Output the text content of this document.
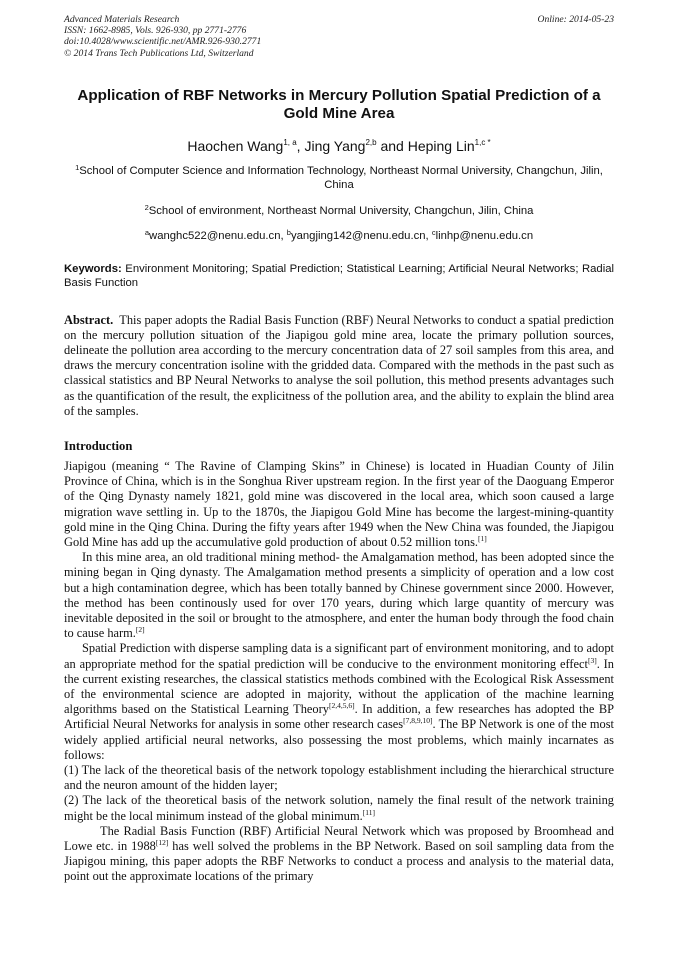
Advanced Materials Research
ISSN: 1662-8985, Vols. 926-930, pp 2771-2776
doi:10.4028/www.scientific.net/AMR.926-930.2771
© 2014 Trans Tech Publications Ltd, Switzerland
Online: 2014-05-23
Application of RBF Networks in Mercury Pollution Spatial Prediction of a Gold Mine Area
Haochen Wang$^{1, a}$, Jing Yang$^{2,b}$ and Heping Lin$^{1,c *}$
$^1$School of Computer Science and Information Technology, Northeast Normal University, Changchun, Jilin, China
$^2$School of environment, Northeast Normal University, Changchun, Jilin, China
$^a$wanghc522@nenu.edu.cn, $^b$yangjing142@nenu.edu.cn, $^c$linhp@nenu.edu.cn
Keywords: Environment Monitoring; Spatial Prediction; Statistical Learning; Artificial Neural Networks; Radial Basis Function
Abstract. This paper adopts the Radial Basis Function (RBF) Neural Networks to conduct a spatial prediction on the mercury pollution situation of the Jiapigou gold mine area, locate the primary pollution sources, delineate the pollution area according to the mercury concentration data of 27 soil samples from this area, and draws the mercury concentration isoline with the gridded data. Compared with the methods in the past such as classical statistics and BP Neural Networks to analyse the soil pollution, this method presents advantages such as the quantification of the result, the explicitness of the pollution area, and the ability to explain the blind area of the samples.
Introduction

Jiapigou (meaning “ The Ravine of Clamping Skins” in Chinese) is located in Huadian County of Jilin Province of China, which is in the Songhua River upstream region. In the first year of the Daoguang Emperor of the Qing Dynasty namely 1821, gold mine was discovered in the local area, which soon caused a large migration wave settling in. Up to the 1870s, the Jiapigou Gold Mine has become the largest-mining-quantity gold mine in the Qing China. During the fifty years after 1949 when the New China was founded, the Jiapigou Gold Mine has add up the accumulative gold production of about 0.52 million tons.[1]

In this mine area, an old traditional mining method- the Amalgamation method, has been adopted since the mining began in Qing dynasty. The Amalgamation method presents a simplicity of operation and a low cost but a high contamination degree, which has been totally banned by Chinese government since 2000. However, the method has been continously used for over 170 years, during which large quantity of mercury was inevitable deposited in the soil or brought to the atmosphere, and enter the human body through the food chain to cause harm.[2]

Spatial Prediction with disperse sampling data is a significant part of environment monitoring, and to adopt an appropriate method for the spatial prediction will be conducive to the environment monitoring effect[3]. In the current existing researches, the classical statistics methods combined with the Ecological Risk Assessment of the environmental science are adopted in majority, without the application of the machine learning algorithms based on the Statistical Learning Theory[2,4,5,6]. In addition, a few researches has adopted the BP Artificial Neural Networks for analysis in some other research cases[7,8,9,10]. The BP Network is one of the most widely applied artificial neural networks, also possessing the most problems, which mainly incarnates as follows:

(1) The lack of the theoretical basis of the network topology establishment including the hierarchical structure and the neuron amount of the hidden layer;

(2) The lack of the theoretical basis of the network solution, namely the final result of the network training might be the local minimum instead of the global minimum.[11]

The Radial Basis Function (RBF) Artificial Neural Network which was proposed by Broomhead and Lowe etc. in 1988[12] has well solved the problems in the BP Network. Based on soil sampling data from the Jiapigou mining, this paper adopts the RBF Networks to conduct a process and analysis to the material data, point out the approximate locations of the primary
